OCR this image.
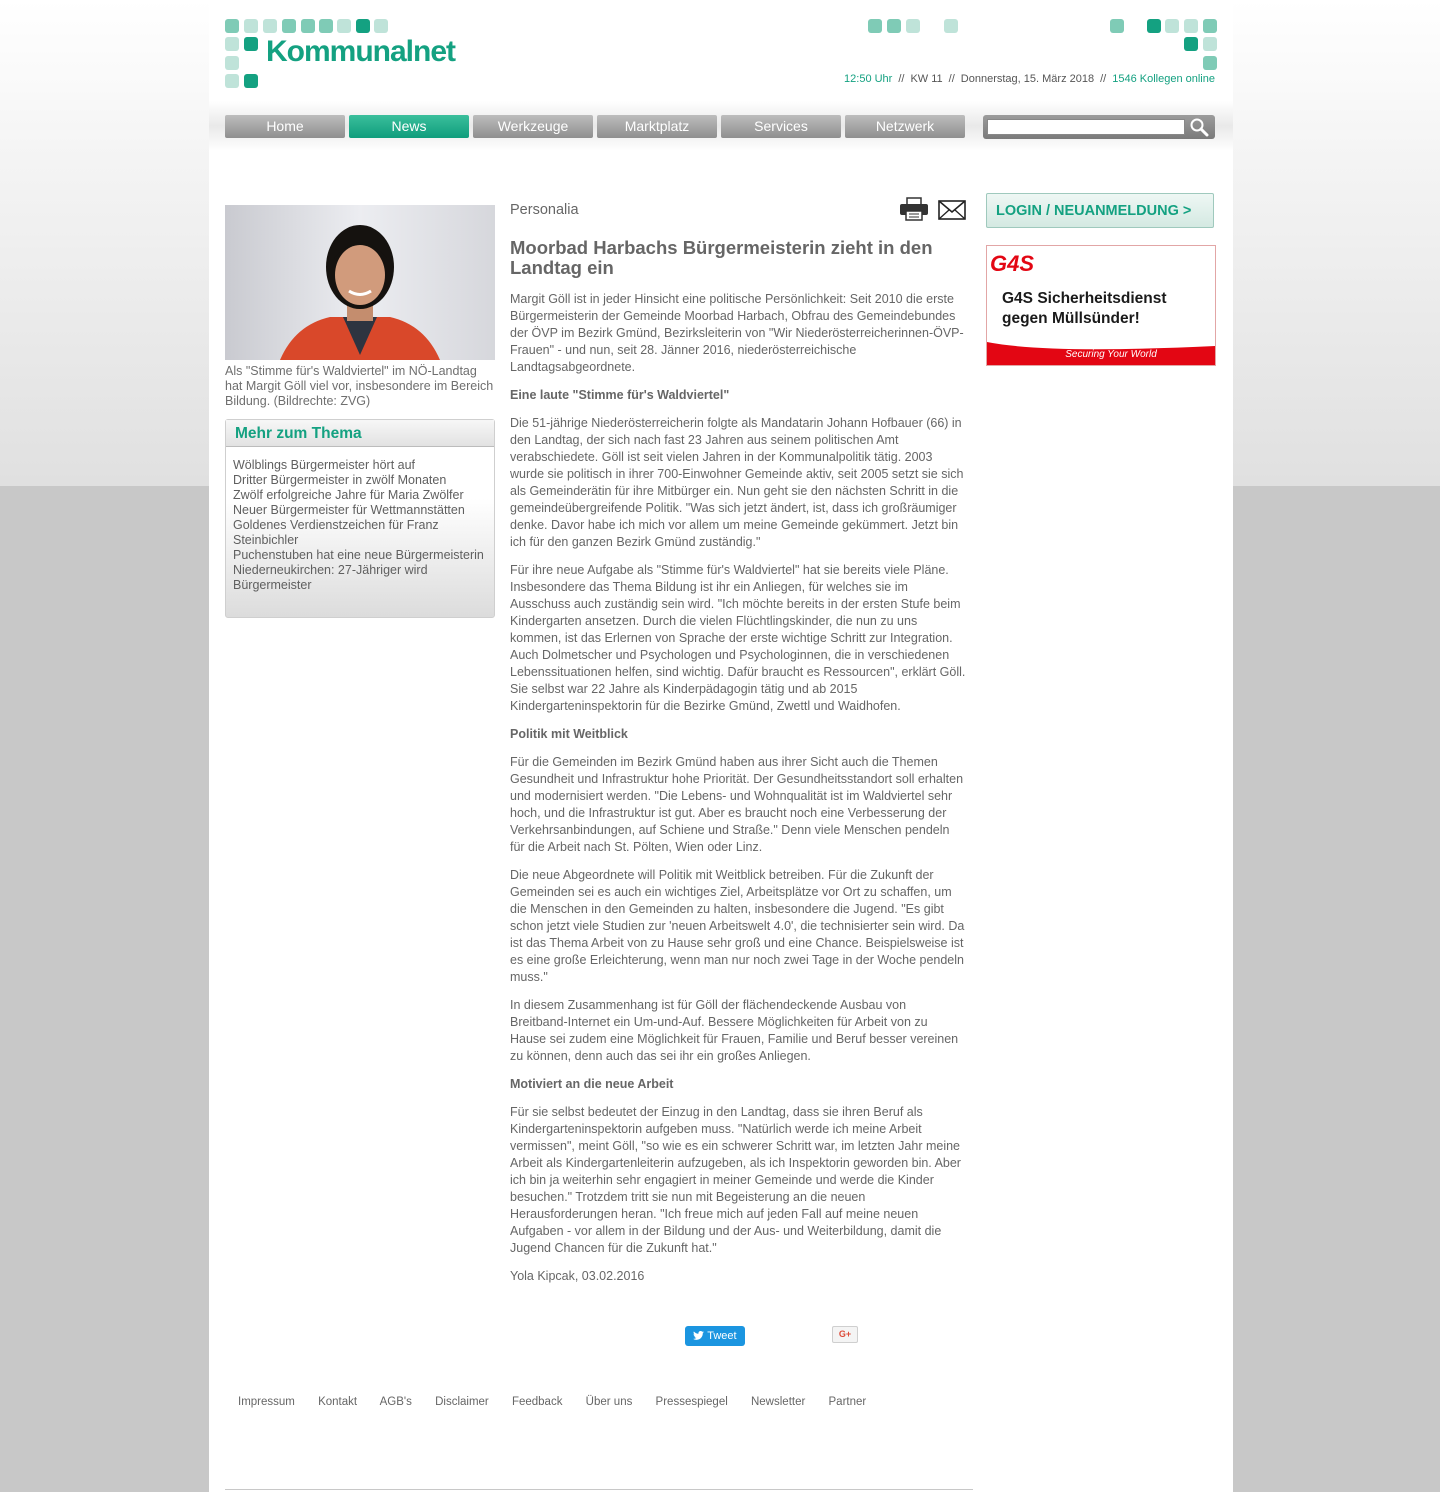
Kommunalnet
12:50 Uhr // KW 11 // Donnerstag, 15. März 2018 // 1546 Kollegen online
Home	News	Werkzeuge	Marktplatz	Services	Netzwerk
Als "Stimme für's Waldviertel" im NÖ-Landtag hat Margit Göll viel vor, insbesondere im Bereich Bildung. (Bildrechte: ZVG)
Mehr zum Thema
Wölblings Bürgermeister hört auf
Dritter Bürgermeister in zwölf Monaten
Zwölf erfolgreiche Jahre für Maria Zwölfer
Neuer Bürgermeister für Wettmannstätten
Goldenes Verdienstzeichen für Franz Steinbichler
Puchenstuben hat eine neue Bürgermeisterin
Niederneukirchen: 27-Jähriger wird Bürgermeister
Personalia
Moorbad Harbachs Bürgermeisterin zieht in den Landtag ein

Margit Göll ist in jeder Hinsicht eine politische Persönlichkeit: Seit 2010 die erste Bürgermeisterin der Gemeinde Moorbad Harbach, Obfrau des Gemeindebundes der ÖVP im Bezirk Gmünd, Bezirksleiterin von "Wir Niederösterreicherinnen-ÖVP-Frauen" - und nun, seit 28. Jänner 2016, niederösterreichische Landtagsabgeordnete.

Eine laute "Stimme für's Waldviertel"

Die 51-jährige Niederösterreicherin folgte als Mandatarin Johann Hofbauer (66) in den Landtag, der sich nach fast 23 Jahren aus seinem politischen Amt verabschiedete. Göll ist seit vielen Jahren in der Kommunalpolitik tätig. 2003 wurde sie politisch in ihrer 700-Einwohner Gemeinde aktiv, seit 2005 setzt sie sich als Gemeinderätin für ihre Mitbürger ein. Nun geht sie den nächsten Schritt in die gemeindeübergreifende Politik. "Was sich jetzt ändert, ist, dass ich großräumiger denke. Davor habe ich mich vor allem um meine Gemeinde gekümmert. Jetzt bin ich für den ganzen Bezirk Gmünd zuständig."

Für ihre neue Aufgabe als "Stimme für's Waldviertel" hat sie bereits viele Pläne. Insbesondere das Thema Bildung ist ihr ein Anliegen, für welches sie im Ausschuss auch zuständig sein wird. "Ich möchte bereits in der ersten Stufe beim Kindergarten ansetzen. Durch die vielen Flüchtlingskinder, die nun zu uns kommen, ist das Erlernen von Sprache der erste wichtige Schritt zur Integration. Auch Dolmetscher und Psychologen und Psychologinnen, die in verschiedenen Lebenssituationen helfen, sind wichtig. Dafür braucht es Ressourcen", erklärt Göll. Sie selbst war 22 Jahre als Kinderpädagogin tätig und ab 2015 Kindergarteninspektorin für die Bezirke Gmünd, Zwettl und Waidhofen.

Politik mit Weitblick

Für die Gemeinden im Bezirk Gmünd haben aus ihrer Sicht auch die Themen Gesundheit und Infrastruktur hohe Priorität. Der Gesundheitsstandort soll erhalten und modernisiert werden. "Die Lebens- und Wohnqualität ist im Waldviertel sehr hoch, und die Infrastruktur ist gut. Aber es braucht noch eine Verbesserung der Verkehrsanbindungen, auf Schiene und Straße." Denn viele Menschen pendeln für die Arbeit nach St. Pölten, Wien oder Linz.

Die neue Abgeordnete will Politik mit Weitblick betreiben. Für die Zukunft der Gemeinden sei es auch ein wichtiges Ziel, Arbeitsplätze vor Ort zu schaffen, um die Menschen in den Gemeinden zu halten, insbesondere die Jugend. "Es gibt schon jetzt viele Studien zur 'neuen Arbeitswelt 4.0', die technisierter sein wird. Da ist das Thema Arbeit von zu Hause sehr groß und eine Chance. Beispielsweise ist es eine große Erleichterung, wenn man nur noch zwei Tage in der Woche pendeln muss."

In diesem Zusammenhang ist für Göll der flächendeckende Ausbau von Breitband-Internet ein Um-und-Auf. Bessere Möglichkeiten für Arbeit von zu Hause sei zudem eine Möglichkeit für Frauen, Familie und Beruf besser vereinen zu können, denn auch das sei ihr ein großes Anliegen.

Motiviert an die neue Arbeit

Für sie selbst bedeutet der Einzug in den Landtag, dass sie ihren Beruf als Kindergarteninspektorin aufgeben muss. "Natürlich werde ich meine Arbeit vermissen", meint Göll, "so wie es ein schwerer Schritt war, im letzten Jahr meine Arbeit als Kindergartenleiterin aufzugeben, als ich Inspektorin geworden bin. Aber ich bin ja weiterhin sehr engagiert in meiner Gemeinde und werde die Kinder besuchen." Trotzdem tritt sie nun mit Begeisterung an die neuen Herausforderungen heran. "Ich freue mich auf jeden Fall auf meine neuen Aufgaben - vor allem in der Bildung und der Aus- und Weiterbildung, damit die Jugend Chancen für die Zukunft hat."

Yola Kipcak, 03.02.2016

Tweet	G+
LOGIN / NEUANMELDUNG >
G4S
G4S Sicherheitsdienst gegen Müllsünder!
Securing Your World
Impressum Kontakt AGB's Disclaimer Feedback Über uns Pressespiegel Newsletter Partner
